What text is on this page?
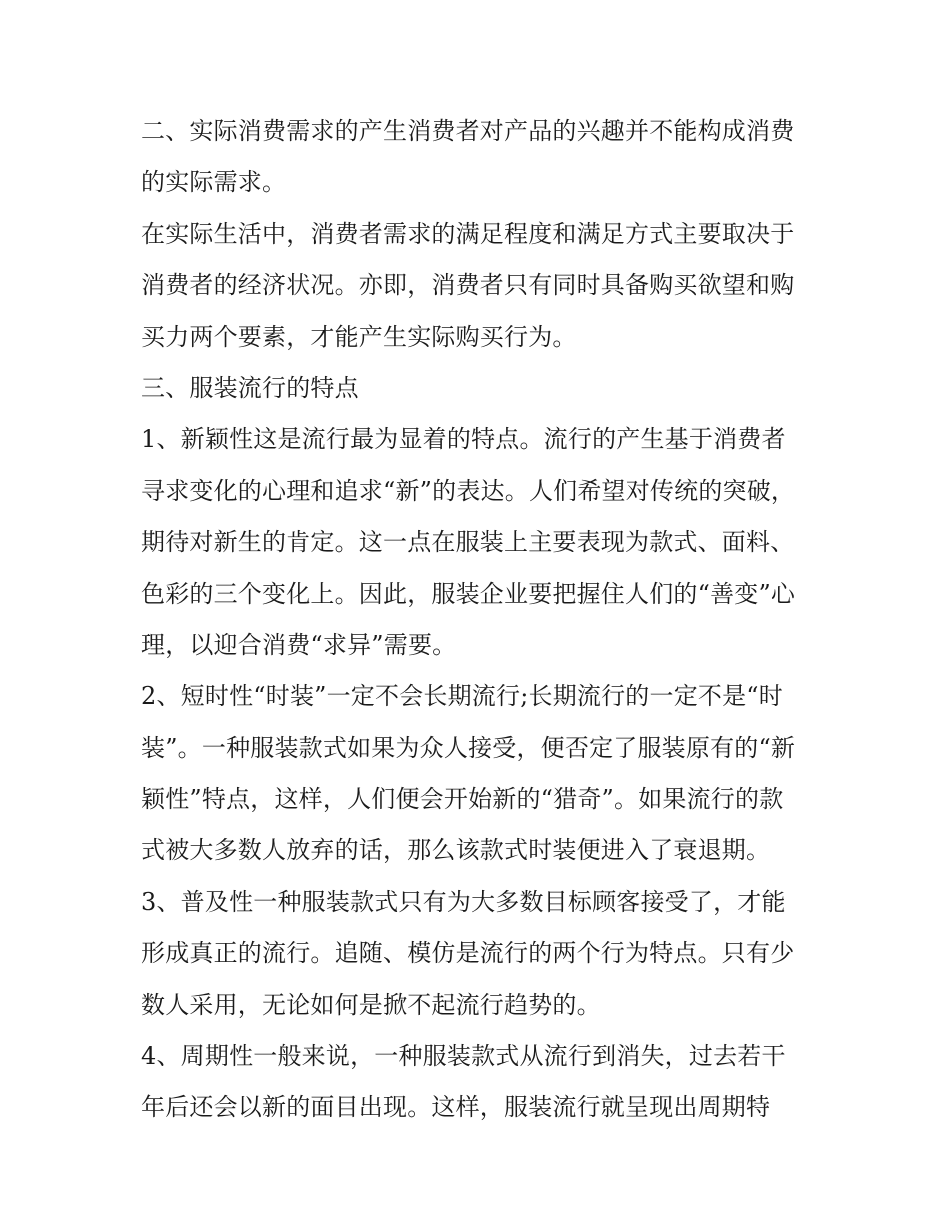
二、实际消费需求的产生消费者对产品的兴趣并不能构成消费
的实际需求。
在实际生活中，消费者需求的满足程度和满足方式主要取决于
消费者的经济状况。亦即，消费者只有同时具备购买欲望和购
买力两个要素，才能产生实际购买行为。
三、服装流行的特点
1、新颖性这是流行最为显着的特点。流行的产生基于消费者
寻求变化的心理和追求“新”的表达。人们希望对传统的突破，
期待对新生的肯定。这一点在服装上主要表现为款式、面料、
色彩的三个变化上。因此，服装企业要把握住人们的“善变”心
理，以迎合消费“求异”需要。
2、短时性“时装”一定不会长期流行;长期流行的一定不是“时
装”。一种服装款式如果为众人接受，便否定了服装原有的“新
颖性”特点，这样，人们便会开始新的“猎奇”。如果流行的款
式被大多数人放弃的话，那么该款式时装便进入了衰退期。
3、普及性一种服装款式只有为大多数目标顾客接受了，才能
形成真正的流行。追随、模仿是流行的两个行为特点。只有少
数人采用，无论如何是掀不起流行趋势的。
4、周期性一般来说，一种服装款式从流行到消失，过去若干
年后还会以新的面目出现。这样，服装流行就呈现出周期特
